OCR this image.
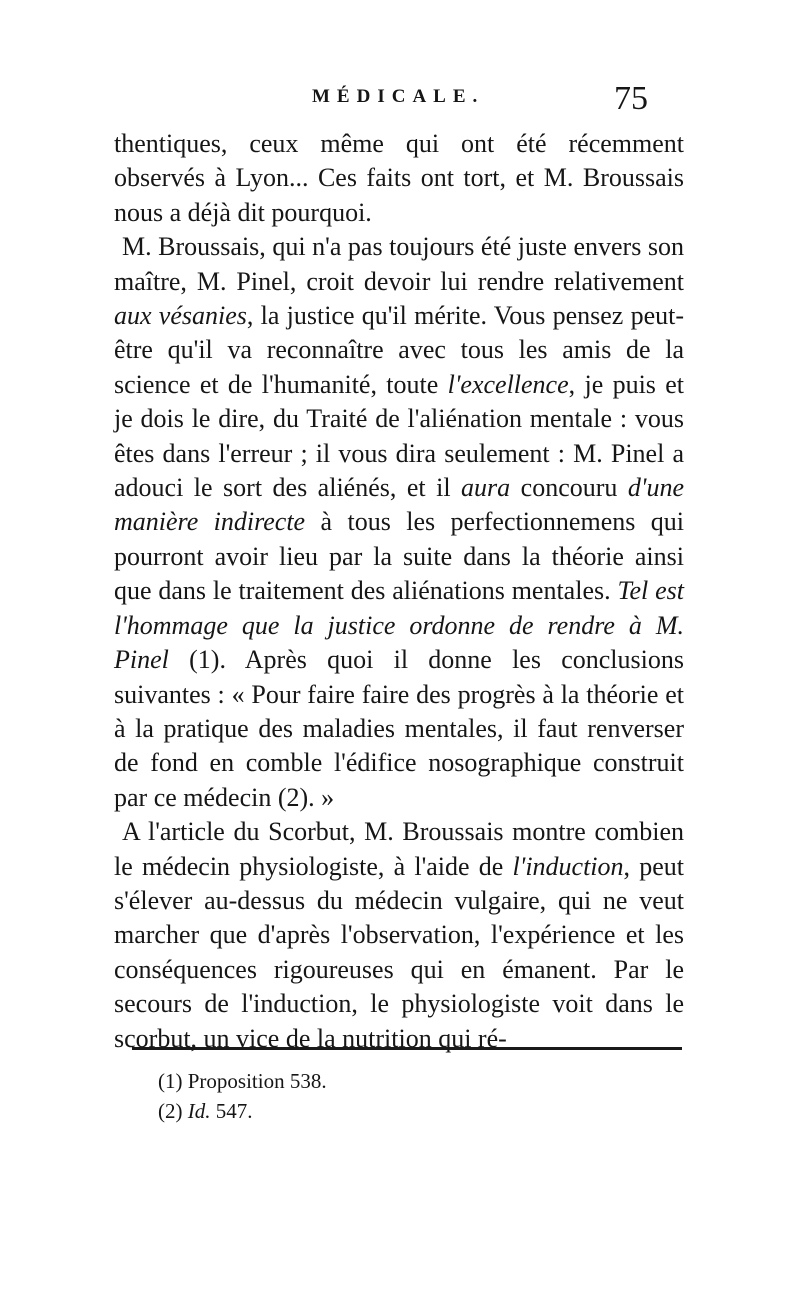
MÉDICALE.	75

thentiques, ceux même qui ont été récemment observés à Lyon... Ces faits ont tort, et M. Broussais nous a déjà dit pourquoi.

M. Broussais, qui n'a pas toujours été juste envers son maître, M. Pinel, croit devoir lui rendre relativement aux vésanies, la justice qu'il mérite. Vous pensez peut-être qu'il va reconnaître avec tous les amis de la science et de l'humanité, toute l'excellence, je puis et je dois le dire, du Traité de l'aliénation mentale : vous êtes dans l'erreur ; il vous dira seulement : M. Pinel a adouci le sort des aliénés, et il aura concouru d'une manière indirecte à tous les perfectionnemens qui pourront avoir lieu par la suite dans la théorie ainsi que dans le traitement des aliénations mentales. Tel est l'hommage que la justice ordonne de rendre à M. Pinel (1). Après quoi il donne les conclusions suivantes : « Pour faire faire des progrès à la théorie et à la pratique des maladies mentales, il faut renverser de fond en comble l'édifice nosographique construit par ce médecin (2). »

A l'article du Scorbut, M. Broussais montre combien le médecin physiologiste, à l'aide de l'induction, peut s'élever au-dessus du médecin vulgaire, qui ne veut marcher que d'après l'observation, l'expérience et les conséquences rigoureuses qui en émanent. Par le secours de l'induction, le physiologiste voit dans le scorbut, un vice de la nutrition qui ré-

(1) Proposition 538.
(2) Id. 547.
